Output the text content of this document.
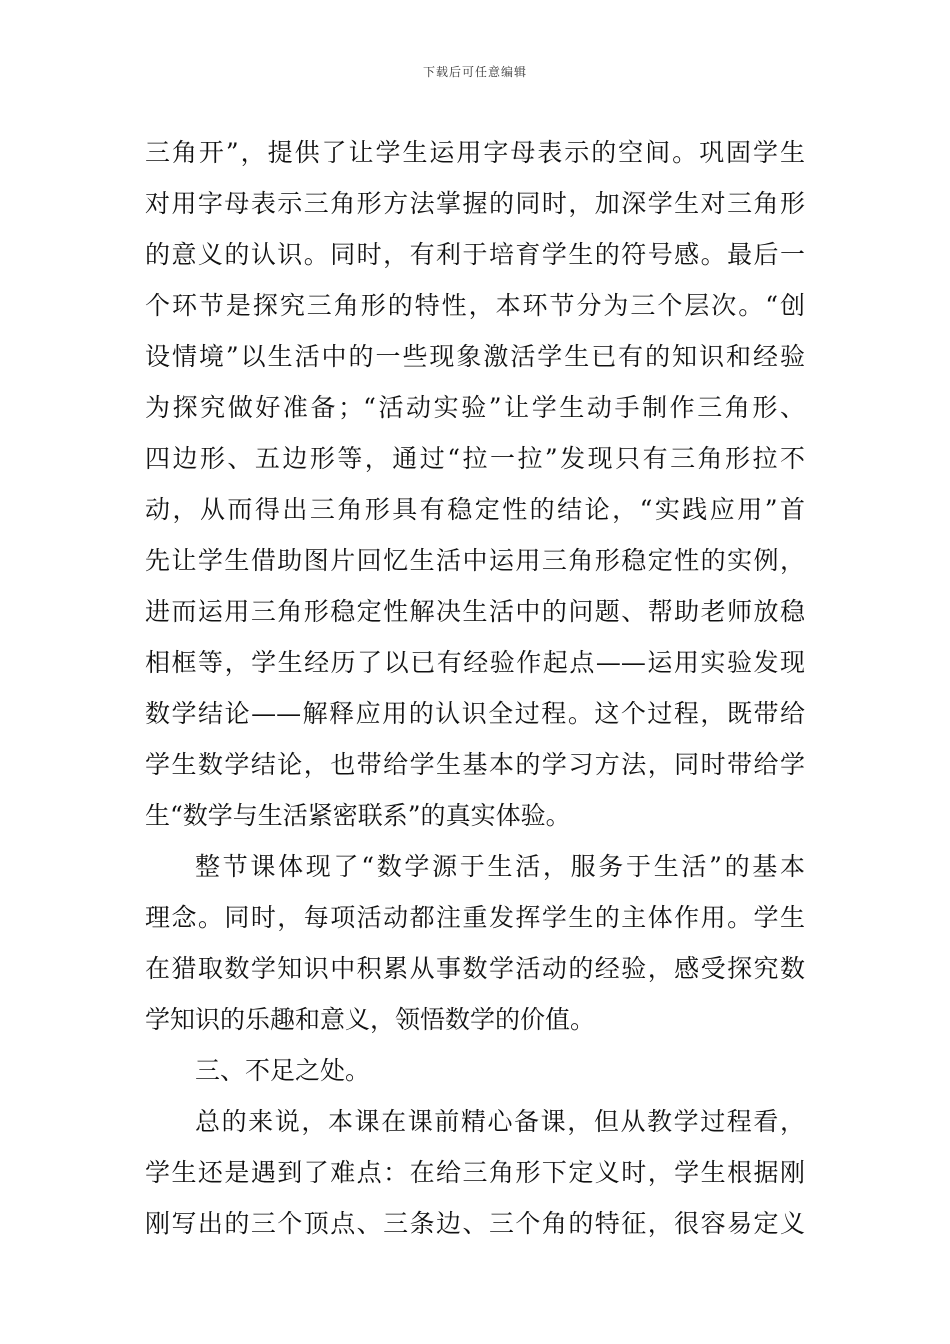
下载后可任意编辑
三角开”，提供了让学生运用字母表示的空间。巩固学生
对用字母表示三角形方法掌握的同时，加深学生对三角形
的意义的认识。同时，有利于培育学生的符号感。最后一
个环节是探究三角形的特性，本环节分为三个层次。“创
设情境”以生活中的一些现象激活学生已有的知识和经验
为探究做好准备；“活动实验”让学生动手制作三角形、
四边形、五边形等，通过“拉一拉”发现只有三角形拉不
动，从而得出三角形具有稳定性的结论，“实践应用”首
先让学生借助图片回忆生活中运用三角形稳定性的实例，
进而运用三角形稳定性解决生活中的问题、帮助老师放稳
相框等，学生经历了以已有经验作起点——运用实验发现
数学结论——解释应用的认识全过程。这个过程，既带给
学生数学结论，也带给学生基本的学习方法，同时带给学
生“数学与生活紧密联系”的真实体验。
整节课体现了“数学源于生活，服务于生活”的基本
理念。同时，每项活动都注重发挥学生的主体作用。学生
在猎取数学知识中积累从事数学活动的经验，感受探究数
学知识的乐趣和意义，领悟数学的价值。
三、不足之处。
总的来说，本课在课前精心备课，但从教学过程看，
学生还是遇到了难点：在给三角形下定义时，学生根据刚
刚写出的三个顶点、三条边、三个角的特征，很容易定义
